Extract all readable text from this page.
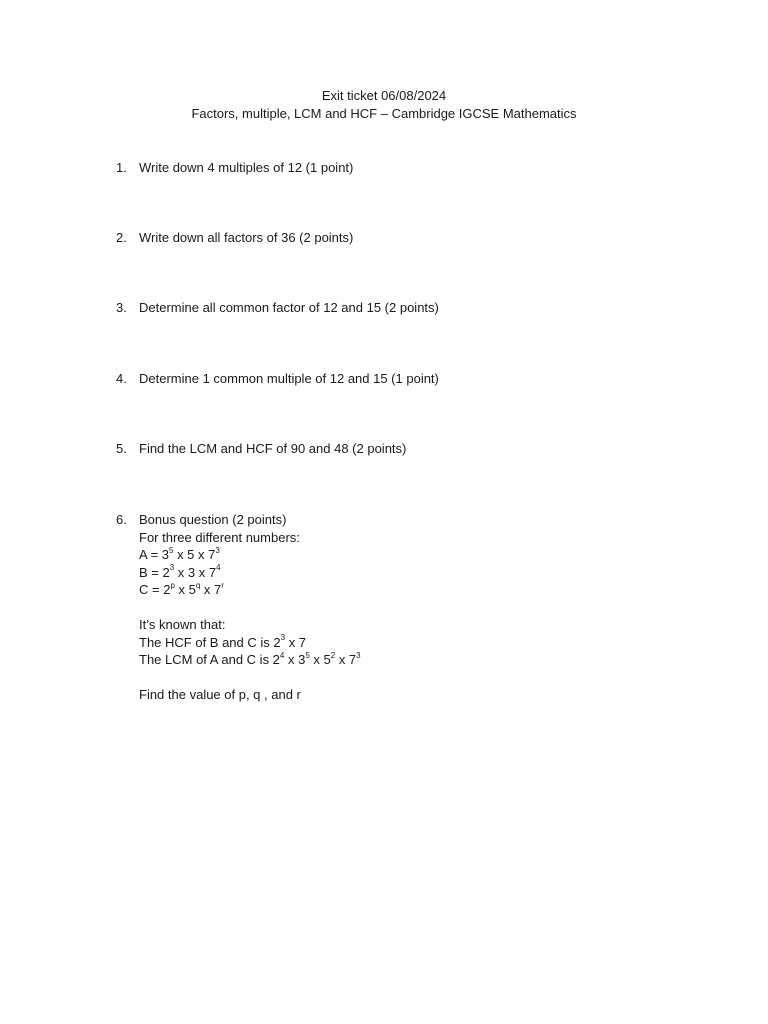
Exit ticket 06/08/2024
Factors, multiple, LCM and HCF – Cambridge IGCSE Mathematics
1. Write down 4 multiples of 12 (1 point)
2. Write down all factors of 36 (2 points)
3. Determine all common factor of 12 and 15 (2 points)
4. Determine 1 common multiple of 12 and 15 (1 point)
5. Find the LCM and HCF of 90 and 48 (2 points)
6. Bonus question (2 points)
For three different numbers:
$A = 3^5$ x 5 x $7^3$
$B = 2^3$ x 3 x $7^4$
$C = 2^p$ x 5$^q$ x 7$^r$
It’s known that:
The HCF of B and C is $2^3$ x 7
The LCM of A and C is $2^4$ x $3^5$ x $5^2$ x $7^3$
Find the value of p, q , and r
